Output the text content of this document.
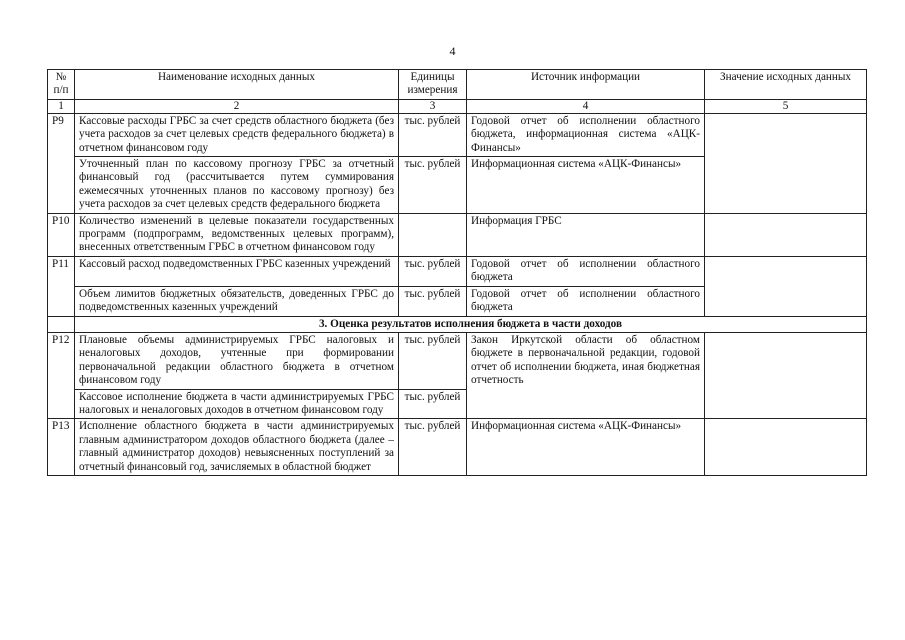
4
№ п/п	Наименование исходных данных	Единицы измерения	Источник информации	Значение исходных данных
1	2	3	4	5
Р9	Кассовые расходы ГРБС за счет средств областного бюджета (без учета расходов за счет целевых средств федерального бюджета) в отчетном финансовом году	тыс. рублей	Годовой отчет об исполнении областного бюджета, информационная система «АЦК-Финансы»	
	Уточненный план по кассовому прогнозу ГРБС за отчетный финансовый год (рассчитывается путем суммирования ежемесячных уточненных планов по кассовому прогнозу) без учета расходов за счет целевых средств федерального бюджета	тыс. рублей	Информационная система «АЦК-Финансы»	
Р10	Количество изменений в целевые показатели государственных программ (подпрограмм, ведомственных целевых программ), внесенных ответственным ГРБС в отчетном финансовом году		Информация ГРБС	
Р11	Кассовый расход подведомственных ГРБС казенных учреждений	тыс. рублей	Годовой отчет об исполнении областного бюджета	
	Объем лимитов бюджетных обязательств, доведенных ГРБС до подведомственных казенных учреждений	тыс. рублей	Годовой отчет об исполнении областного бюджета	
	3. Оценка результатов исполнения бюджета в части доходов			
Р12	Плановые объемы администрируемых ГРБС налоговых и неналоговых доходов, учтенные при формировании первоначальной редакции областного бюджета в отчетном финансовом году	тыс. рублей	Закон Иркутской области об областном бюджете в первоначальной редакции, годовой отчет об исполнении бюджета, иная бюджетная отчетность	
	Кассовое исполнение бюджета в части администрируемых ГРБС налоговых и неналоговых доходов в отчетном финансовом году	тыс. рублей		
Р13	Исполнение областного бюджета в части администрируемых главным администратором доходов областного бюджета (далее – главный администратор доходов) невыясненных поступлений за отчетный финансовый год, зачисляемых в областной бюджет	тыс. рублей	Информационная система «АЦК-Финансы»	
